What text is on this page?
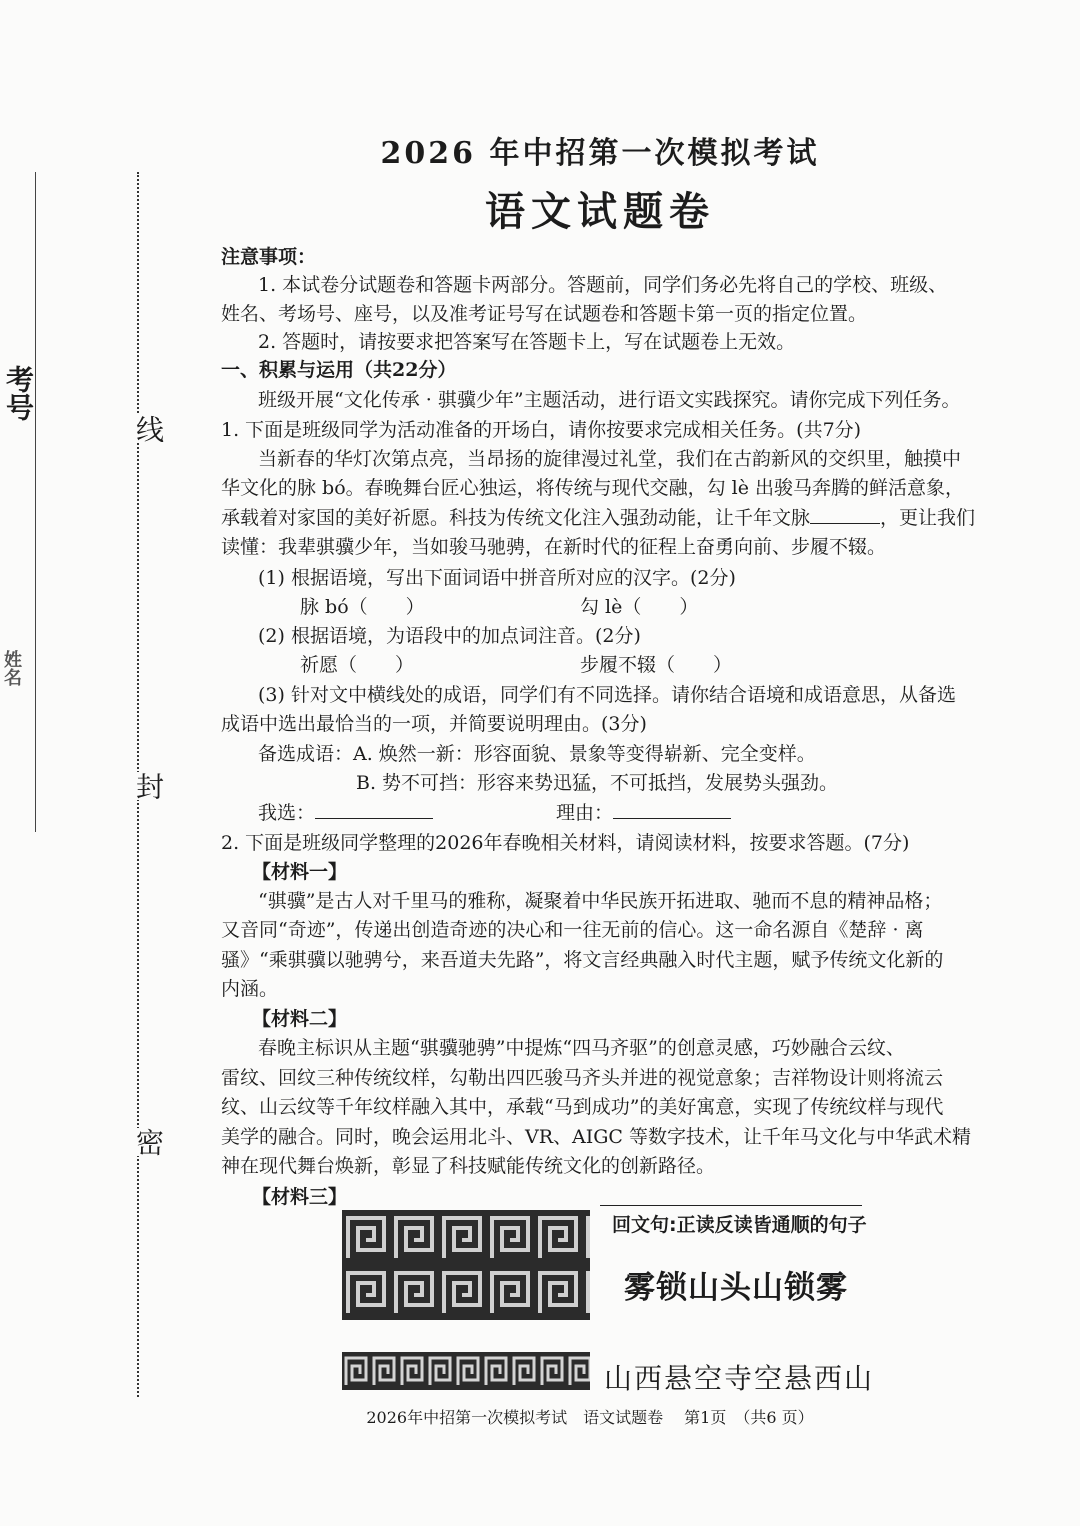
考号
姓名
线
封
密

2026 年中招第一次模拟考试
语文试题卷
注意事项：
1. 本试卷分试题卷和答题卡两部分。答题前，同学们务必先将自己的学校、班级、
姓名、考场号、座号，以及准考证号写在试题卷和答题卡第一页的指定位置。
2. 答题时，请按要求把答案写在答题卡上，写在试题卷上无效。
一、积累与运用（共22分）
班级开展“文化传承 · 骐骥少年”主题活动，进行语文实践探究。请你完成下列任务。
1. 下面是班级同学为活动准备的开场白，请你按要求完成相关任务。(共7分)
当新春的华灯次第点亮，当昂扬的旋律漫过礼堂，我们在古韵新风的交织里，触摸中
华文化的脉 bó。春晚舞台匠心独运，将传统与现代交融，勾 lè 出骏马奔腾的鲜活意象，
承载着对家国的美好祈愿。科技为传统文化注入强劲动能，让千年文脉	，更让我们
读懂：我辈骐骥少年，当如骏马驰骋，在新时代的征程上奋勇向前、步履不辍。
(1) 根据语境，写出下面词语中拼音所对应的汉字。(2分)
脉 bó（　　）	勾 lè（　　）
(2) 根据语境，为语段中的加点词注音。(2分)
祈愿（　　）	步履不辍（　　）
(3) 针对文中横线处的成语，同学们有不同选择。请你结合语境和成语意思，从备选
成语中选出最恰当的一项，并简要说明理由。(3分)
备选成语：A. 焕然一新：形容面貌、景象等变得崭新、完全变样。
B. 势不可挡：形容来势迅猛，不可抵挡，发展势头强劲。
我选：	理由：
2. 下面是班级同学整理的2026年春晚相关材料，请阅读材料，按要求答题。(7分)
【材料一】
“骐骥”是古人对千里马的雅称，凝聚着中华民族开拓进取、驰而不息的精神品格；
又音同“奇迹”，传递出创造奇迹的决心和一往无前的信心。这一命名源自《楚辞 · 离
骚》“乘骐骥以驰骋兮，来吾道夫先路”，将文言经典融入时代主题，赋予传统文化新的
内涵。
【材料二】
春晚主标识从主题“骐骥驰骋”中提炼“四马齐驱”的创意灵感，巧妙融合云纹、
雷纹、回纹三种传统纹样，勾勒出四匹骏马齐头并进的视觉意象；吉祥物设计则将流云
纹、山云纹等千年纹样融入其中，承载“马到成功”的美好寓意，实现了传统纹样与现代
美学的融合。同时，晚会运用北斗、VR、AIGC 等数字技术，让千年马文化与中华武术精
神在现代舞台焕新，彰显了科技赋能传统文化的创新路径。
【材料三】
回文句:正读反读皆通顺的句子
雾锁山头山锁雾
山西悬空寺空悬西山
2026年中招第一次模拟考试　语文试题卷　 第1页　（共6 页）
